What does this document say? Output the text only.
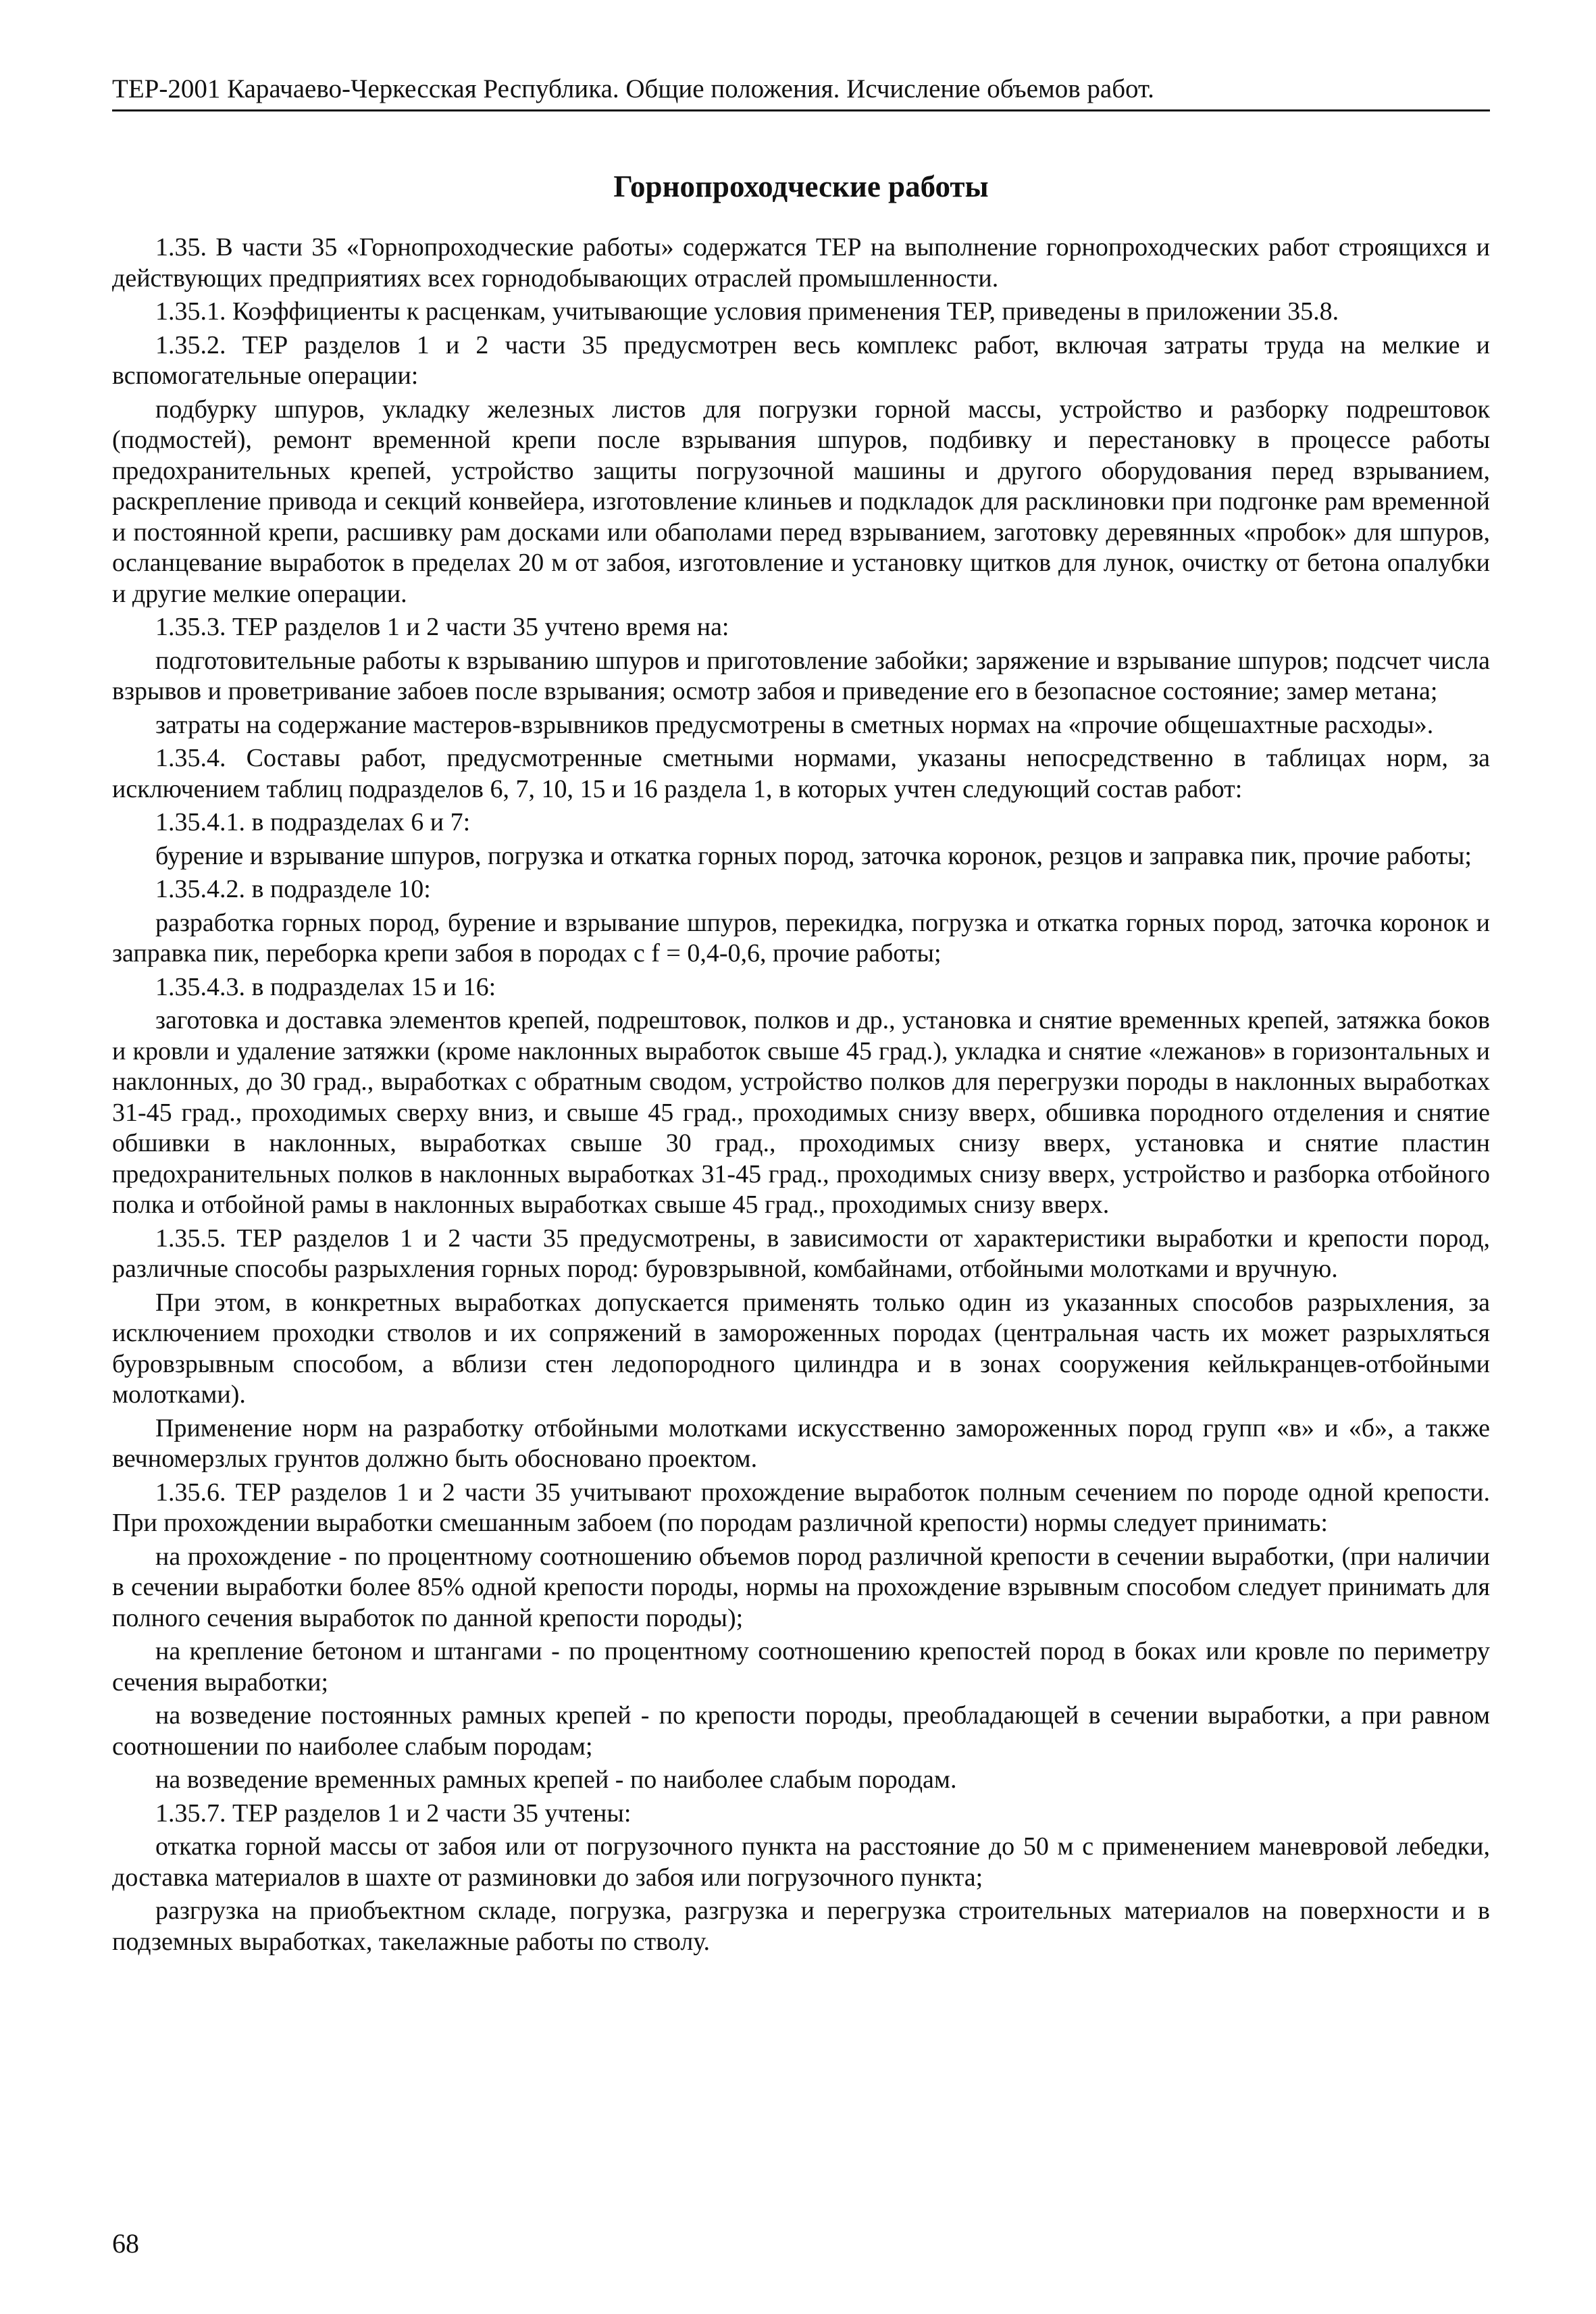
ТЕР-2001 Карачаево-Черкесская Республика. Общие положения. Исчисление объемов работ.
Горнопроходческие работы

1.35. В части 35 «Горнопроходческие работы» содержатся ТЕР на выполнение горнопроходческих работ строящихся и действующих предприятиях всех горнодобывающих отраслей промышленности.

1.35.1. Коэффициенты к расценкам, учитывающие условия применения ТЕР, приведены в приложении 35.8.

1.35.2. ТЕР разделов 1 и 2 части 35 предусмотрен весь комплекс работ, включая затраты труда на мелкие и вспомогательные операции:

подбурку шпуров, укладку железных листов для погрузки горной массы, устройство и разборку подрештовок (подмостей), ремонт временной крепи после взрывания шпуров, подбивку и перестановку в процессе работы предохранительных крепей, устройство защиты погрузочной машины и другого оборудования перед взрыванием, раскрепление привода и секций конвейера, изготовление клиньев и подкладок для расклиновки при подгонке рам временной и постоянной крепи, расшивку рам досками или обаполами перед взрыванием, заготовку деревянных «пробок» для шпуров, осланцевание выработок в пределах 20 м от забоя, изготовление и установку щитков для лунок, очистку от бетона опалубки и другие мелкие операции.

1.35.3. ТЕР разделов 1 и 2 части 35 учтено время на:

подготовительные работы к взрыванию шпуров и приготовление забойки; заряжение и взрывание шпуров; подсчет числа взрывов и проветривание забоев после взрывания; осмотр забоя и приведение его в безопасное состояние; замер метана;

затраты на содержание мастеров-взрывников предусмотрены в сметных нормах на «прочие общешахтные расходы».

1.35.4. Составы работ, предусмотренные сметными нормами, указаны непосредственно в таблицах норм, за исключением таблиц подразделов 6, 7, 10, 15 и 16 раздела 1, в которых учтен следующий состав работ:

1.35.4.1. в подразделах 6 и 7:

бурение и взрывание шпуров, погрузка и откатка горных пород, заточка коронок, резцов и заправка пик, прочие работы;

1.35.4.2. в подразделе 10:

разработка горных пород, бурение и взрывание шпуров, перекидка, погрузка и откатка горных пород, заточка коронок и заправка пик, переборка крепи забоя в породах с f = 0,4-0,6, прочие работы;

1.35.4.3. в подразделах 15 и 16:

заготовка и доставка элементов крепей, подрештовок, полков и др., установка и снятие временных крепей, затяжка боков и кровли и удаление затяжки (кроме наклонных выработок свыше 45 град.), укладка и снятие «лежанов» в горизонтальных и наклонных, до 30 град., выработках с обратным сводом, устройство полков для перегрузки породы в наклонных выработках 31-45 град., проходимых сверху вниз, и свыше 45 град., проходимых снизу вверх, обшивка породного отделения и снятие обшивки в наклонных, выработках свыше 30 град., проходимых снизу вверх, установка и снятие пластин предохранительных полков в наклонных выработках 31-45 град., проходимых снизу вверх, устройство и разборка отбойного полка и отбойной рамы в наклонных выработках свыше 45 град., проходимых снизу вверх.

1.35.5. ТЕР разделов 1 и 2 части 35 предусмотрены, в зависимости от характеристики выработки и крепости пород, различные способы разрыхления горных пород: буровзрывной, комбайнами, отбойными молотками и вручную.

При этом, в конкретных выработках допускается применять только один из указанных способов разрыхления, за исключением проходки стволов и их сопряжений в замороженных породах (центральная часть их может разрыхляться буровзрывным способом, а вблизи стен ледопородного цилиндра и в зонах сооружения кейлькранцев-отбойными молотками).

Применение норм на разработку отбойными молотками искусственно замороженных пород групп «в» и «б», а также вечномерзлых грунтов должно быть обосновано проектом.

1.35.6. ТЕР разделов 1 и 2 части 35 учитывают прохождение выработок полным сечением по породе одной крепости. При прохождении выработки смешанным забоем (по породам различной крепости) нормы следует принимать:

на прохождение - по процентному соотношению объемов пород различной крепости в сечении выработки, (при наличии в сечении выработки более 85% одной крепости породы, нормы на прохождение взрывным способом следует принимать для полного сечения выработок по данной крепости породы);

на крепление бетоном и штангами - по процентному соотношению крепостей пород в боках или кровле по периметру сечения выработки;

на возведение постоянных рамных крепей - по крепости породы, преобладающей в сечении выработки, а при равном соотношении по наиболее слабым породам;

на возведение временных рамных крепей - по наиболее слабым породам.

1.35.7. ТЕР разделов 1 и 2 части 35 учтены:

откатка горной массы от забоя или от погрузочного пункта на расстояние до 50 м с применением маневровой лебедки, доставка материалов в шахте от разминовки до забоя или погрузочного пункта;

разгрузка на приобъектном складе, погрузка, разгрузка и перегрузка строительных материалов на поверхности и в подземных выработках, такелажные работы по стволу.

68
